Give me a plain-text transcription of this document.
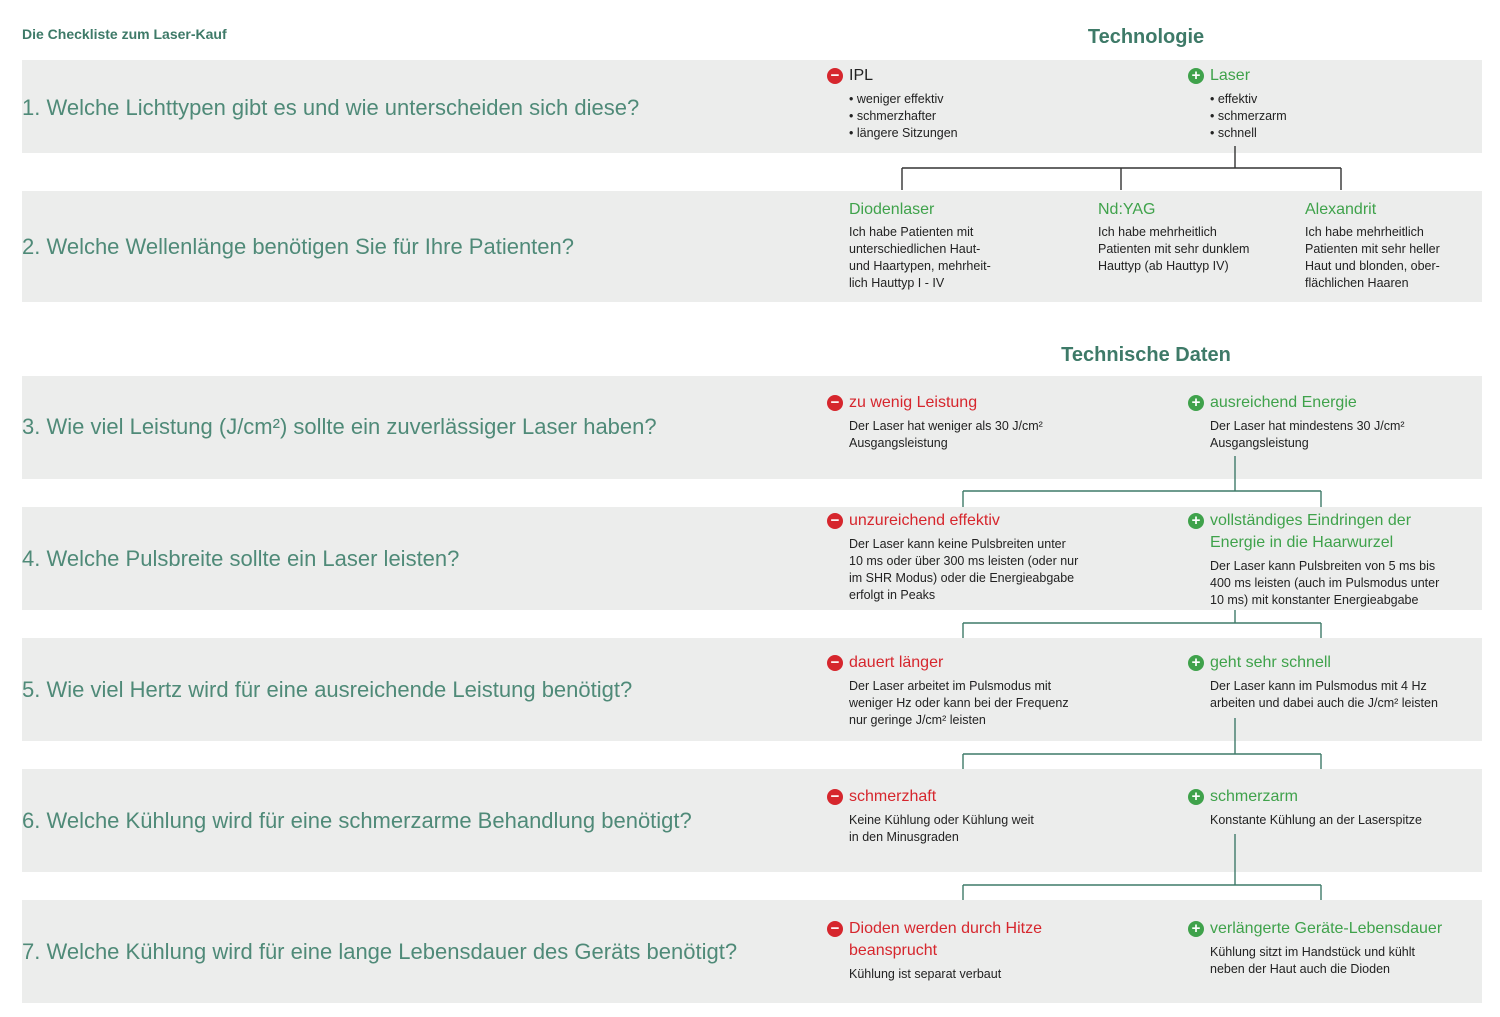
Die Checkliste zum Laser-Kauf	Technologie
Technische Daten
1. Welche Lichttypen gibt es und wie unterscheiden sich diese?
2. Welche Wellenlänge benötigen Sie für Ihre Patienten?
3. Wie viel Leistung (J/cm²) sollte ein zuverlässiger Laser haben?
4. Welche Pulsbreite sollte ein Laser leisten?
5. Wie viel Hertz wird für eine ausreichende Leistung benötigt?
6. Welche Kühlung wird für eine schmerzarme Behandlung benötigt?
7. Welche Kühlung wird für eine lange Lebensdauer des Geräts benötigt?
− IPL
• weniger effektiv
• schmerzhafter
• längere Sitzungen
+ Laser
• effektiv
• schmerzarm
• schnell
Diodenlaser
Ich habe Patienten mit
unterschiedlichen Haut-
und Haartypen, mehrheit-
lich Hauttyp I - IV
Nd:YAG
Ich habe mehrheitlich
Patienten mit sehr dunklem
Hauttyp (ab Hauttyp IV)
Alexandrit
Ich habe mehrheitlich
Patienten mit sehr heller
Haut und blonden, ober-
flächlichen Haaren
− zu wenig Leistung
Der Laser hat weniger als 30 J/cm²
Ausgangsleistung
+ ausreichend Energie
Der Laser hat mindestens 30 J/cm²
Ausgangsleistung
− unzureichend effektiv
Der Laser kann keine Pulsbreiten unter
10 ms oder über 300 ms leisten (oder nur
im SHR Modus) oder die Energieabgabe
erfolgt in Peaks
+ vollständiges Eindringen der Energie in die Haarwurzel
Der Laser kann Pulsbreiten von 5 ms bis
400 ms leisten (auch im Pulsmodus unter
10 ms) mit konstanter Energieabgabe
− dauert länger
Der Laser arbeitet im Pulsmodus mit
weniger Hz oder kann bei der Frequenz
nur geringe J/cm² leisten
+ geht sehr schnell
Der Laser kann im Pulsmodus mit 4 Hz
arbeiten und dabei auch die J/cm² leisten
− schmerzhaft
Keine Kühlung oder Kühlung weit
in den Minusgraden
+ schmerzarm
Konstante Kühlung an der Laserspitze
− Dioden werden durch Hitze beansprucht
Kühlung ist separat verbaut
+ verlängerte Geräte-Lebensdauer
Kühlung sitzt im Handstück und kühlt
neben der Haut auch die Dioden
